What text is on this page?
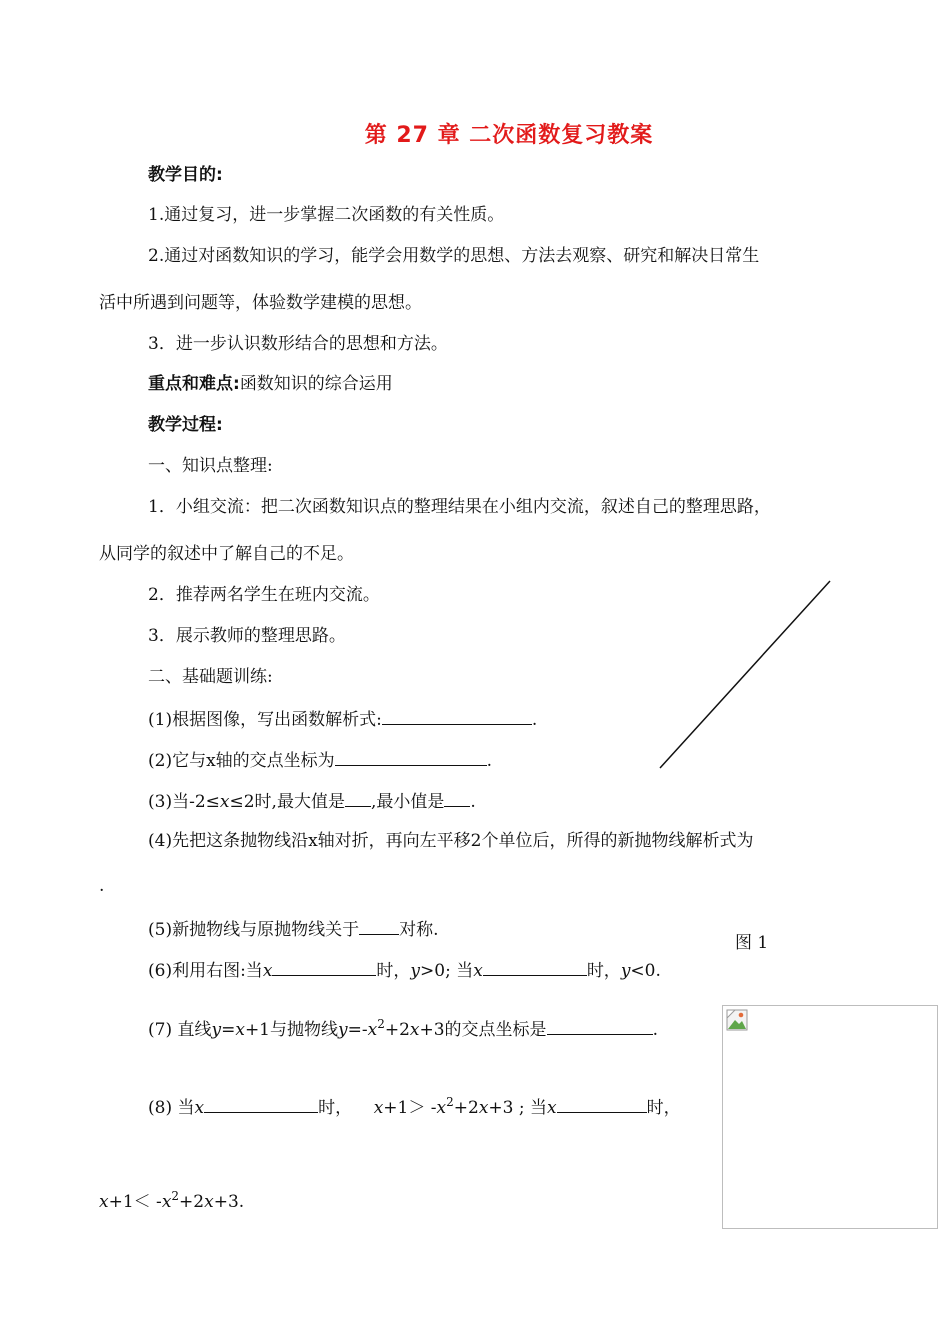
第 27 章 二次函数复习教案
教学目的:
1.通过复习，进一步掌握二次函数的有关性质。
2.通过对函数知识的学习，能学会用数学的思想、方法去观察、研究和解决日常生
活中所遇到问题等，体验数学建模的思想。
3．进一步认识数形结合的思想和方法。
重点和难点:函数知识的综合运用
教学过程:
一、知识点整理:
1．小组交流：把二次函数知识点的整理结果在小组内交流，叙述自己的整理思路，
从同学的叙述中了解自己的不足。
2．推荐两名学生在班内交流。
3．展示教师的整理思路。
二、基础题训练:
(1)根据图像，写出函数解析式:	.
(2)它与x轴的交点坐标为	.
(3)当-2≤x≤2时,最大值是 ,最小值是 .
(4)先把这条抛物线沿x轴对折，再向左平移2个单位后，所得的新抛物线解析式为
.
(5)新抛物线与原抛物线关于 对称.
图 1
(6)利用右图:当x	时，y>0; 当x	时，y<0.
(7) 直线y=x+1与抛物线$y=-x^2+2x+3$的交点坐标是	.
(8) 当x	时， $x+1> -x^2+2x+3$ ; 当x	时，
$x+1< -x^2+2x+3$.
